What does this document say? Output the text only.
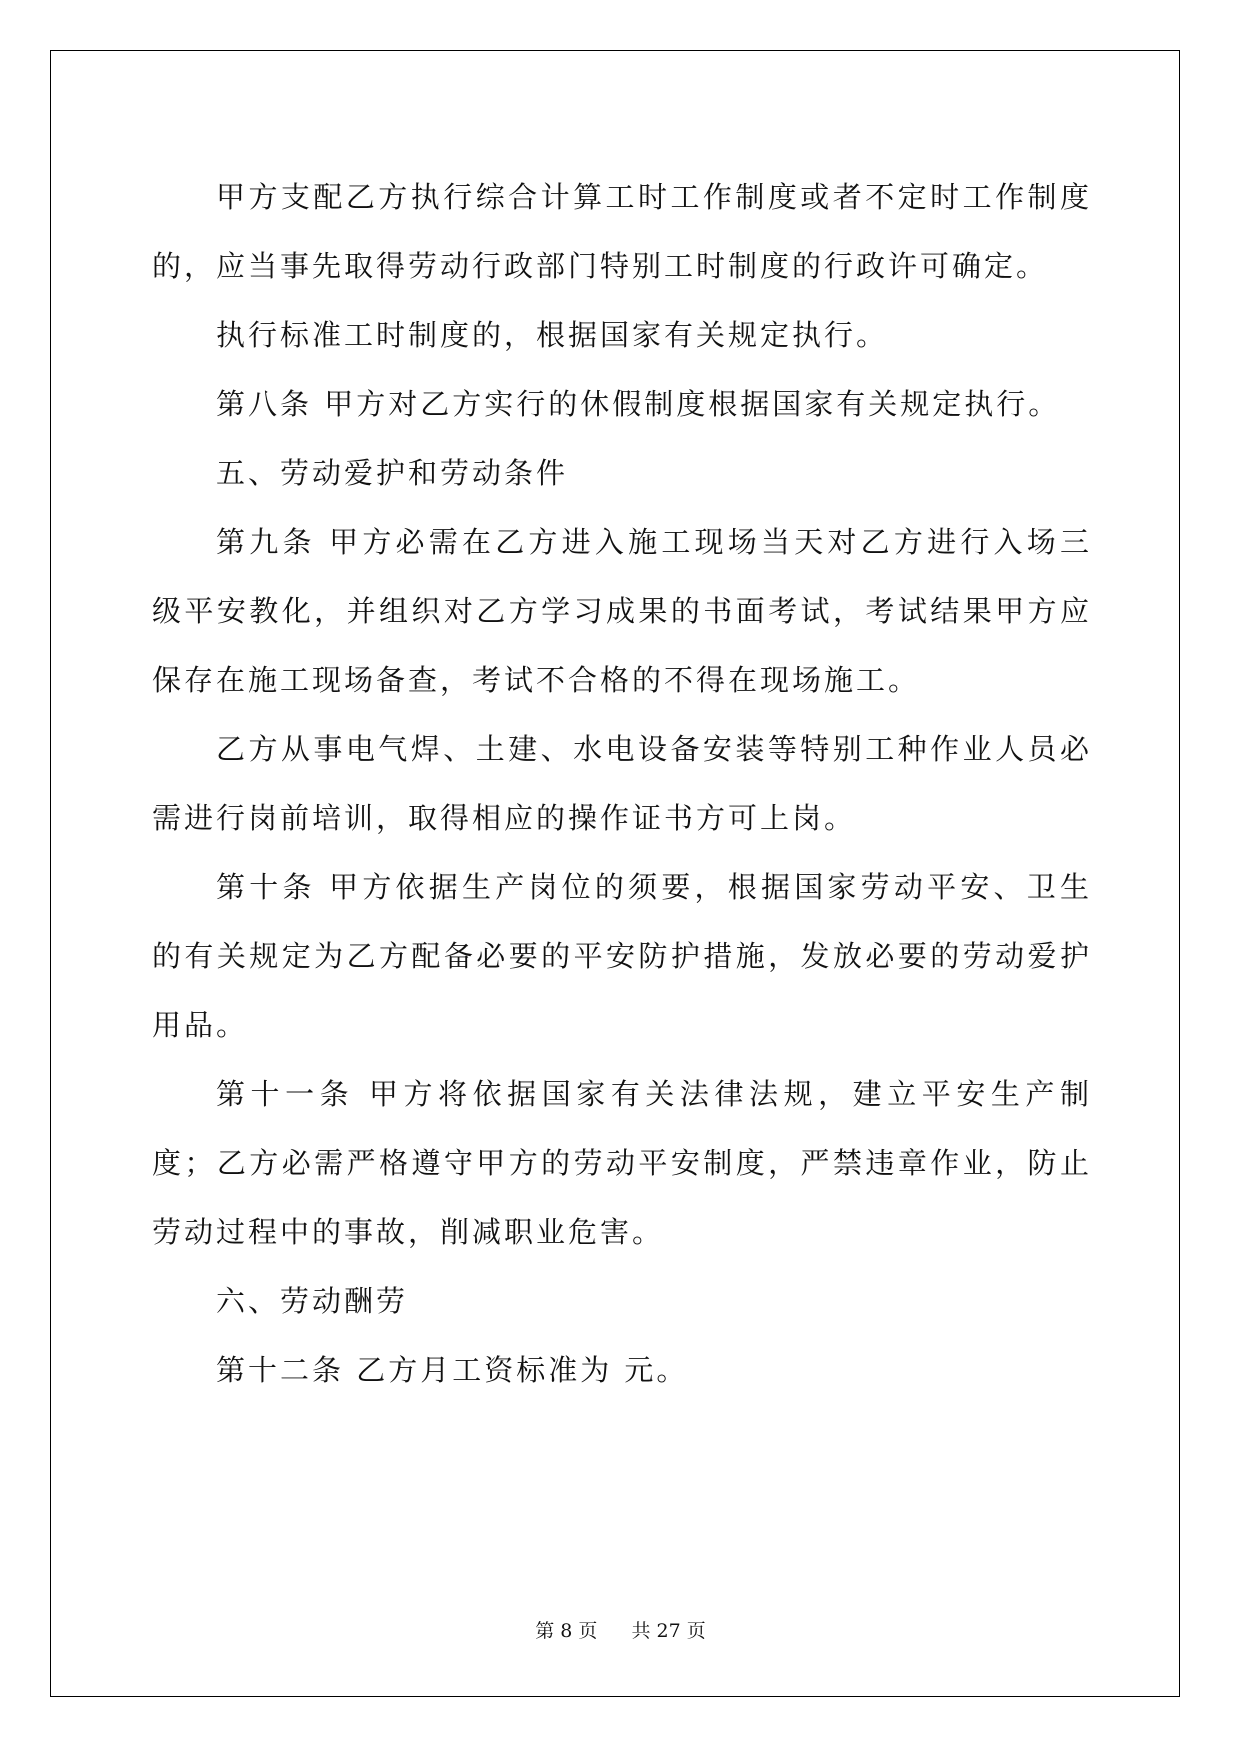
甲方支配乙方执行综合计算工时工作制度或者不定时工作制度的，应当事先取得劳动行政部门特别工时制度的行政许可确定。

执行标准工时制度的，根据国家有关规定执行。

第八条 甲方对乙方实行的休假制度根据国家有关规定执行。

五、劳动爱护和劳动条件

第九条 甲方必需在乙方进入施工现场当天对乙方进行入场三级平安教化，并组织对乙方学习成果的书面考试，考试结果甲方应保存在施工现场备查，考试不合格的不得在现场施工。

乙方从事电气焊、土建、水电设备安装等特别工种作业人员必需进行岗前培训，取得相应的操作证书方可上岗。

第十条 甲方依据生产岗位的须要，根据国家劳动平安、卫生的有关规定为乙方配备必要的平安防护措施，发放必要的劳动爱护用品。

第十一条 甲方将依据国家有关法律法规，建立平安生产制度；乙方必需严格遵守甲方的劳动平安制度，严禁违章作业，防止劳动过程中的事故，削减职业危害。

六、劳动酬劳

第十二条 乙方月工资标准为 元。

第 8 页 共 27 页
